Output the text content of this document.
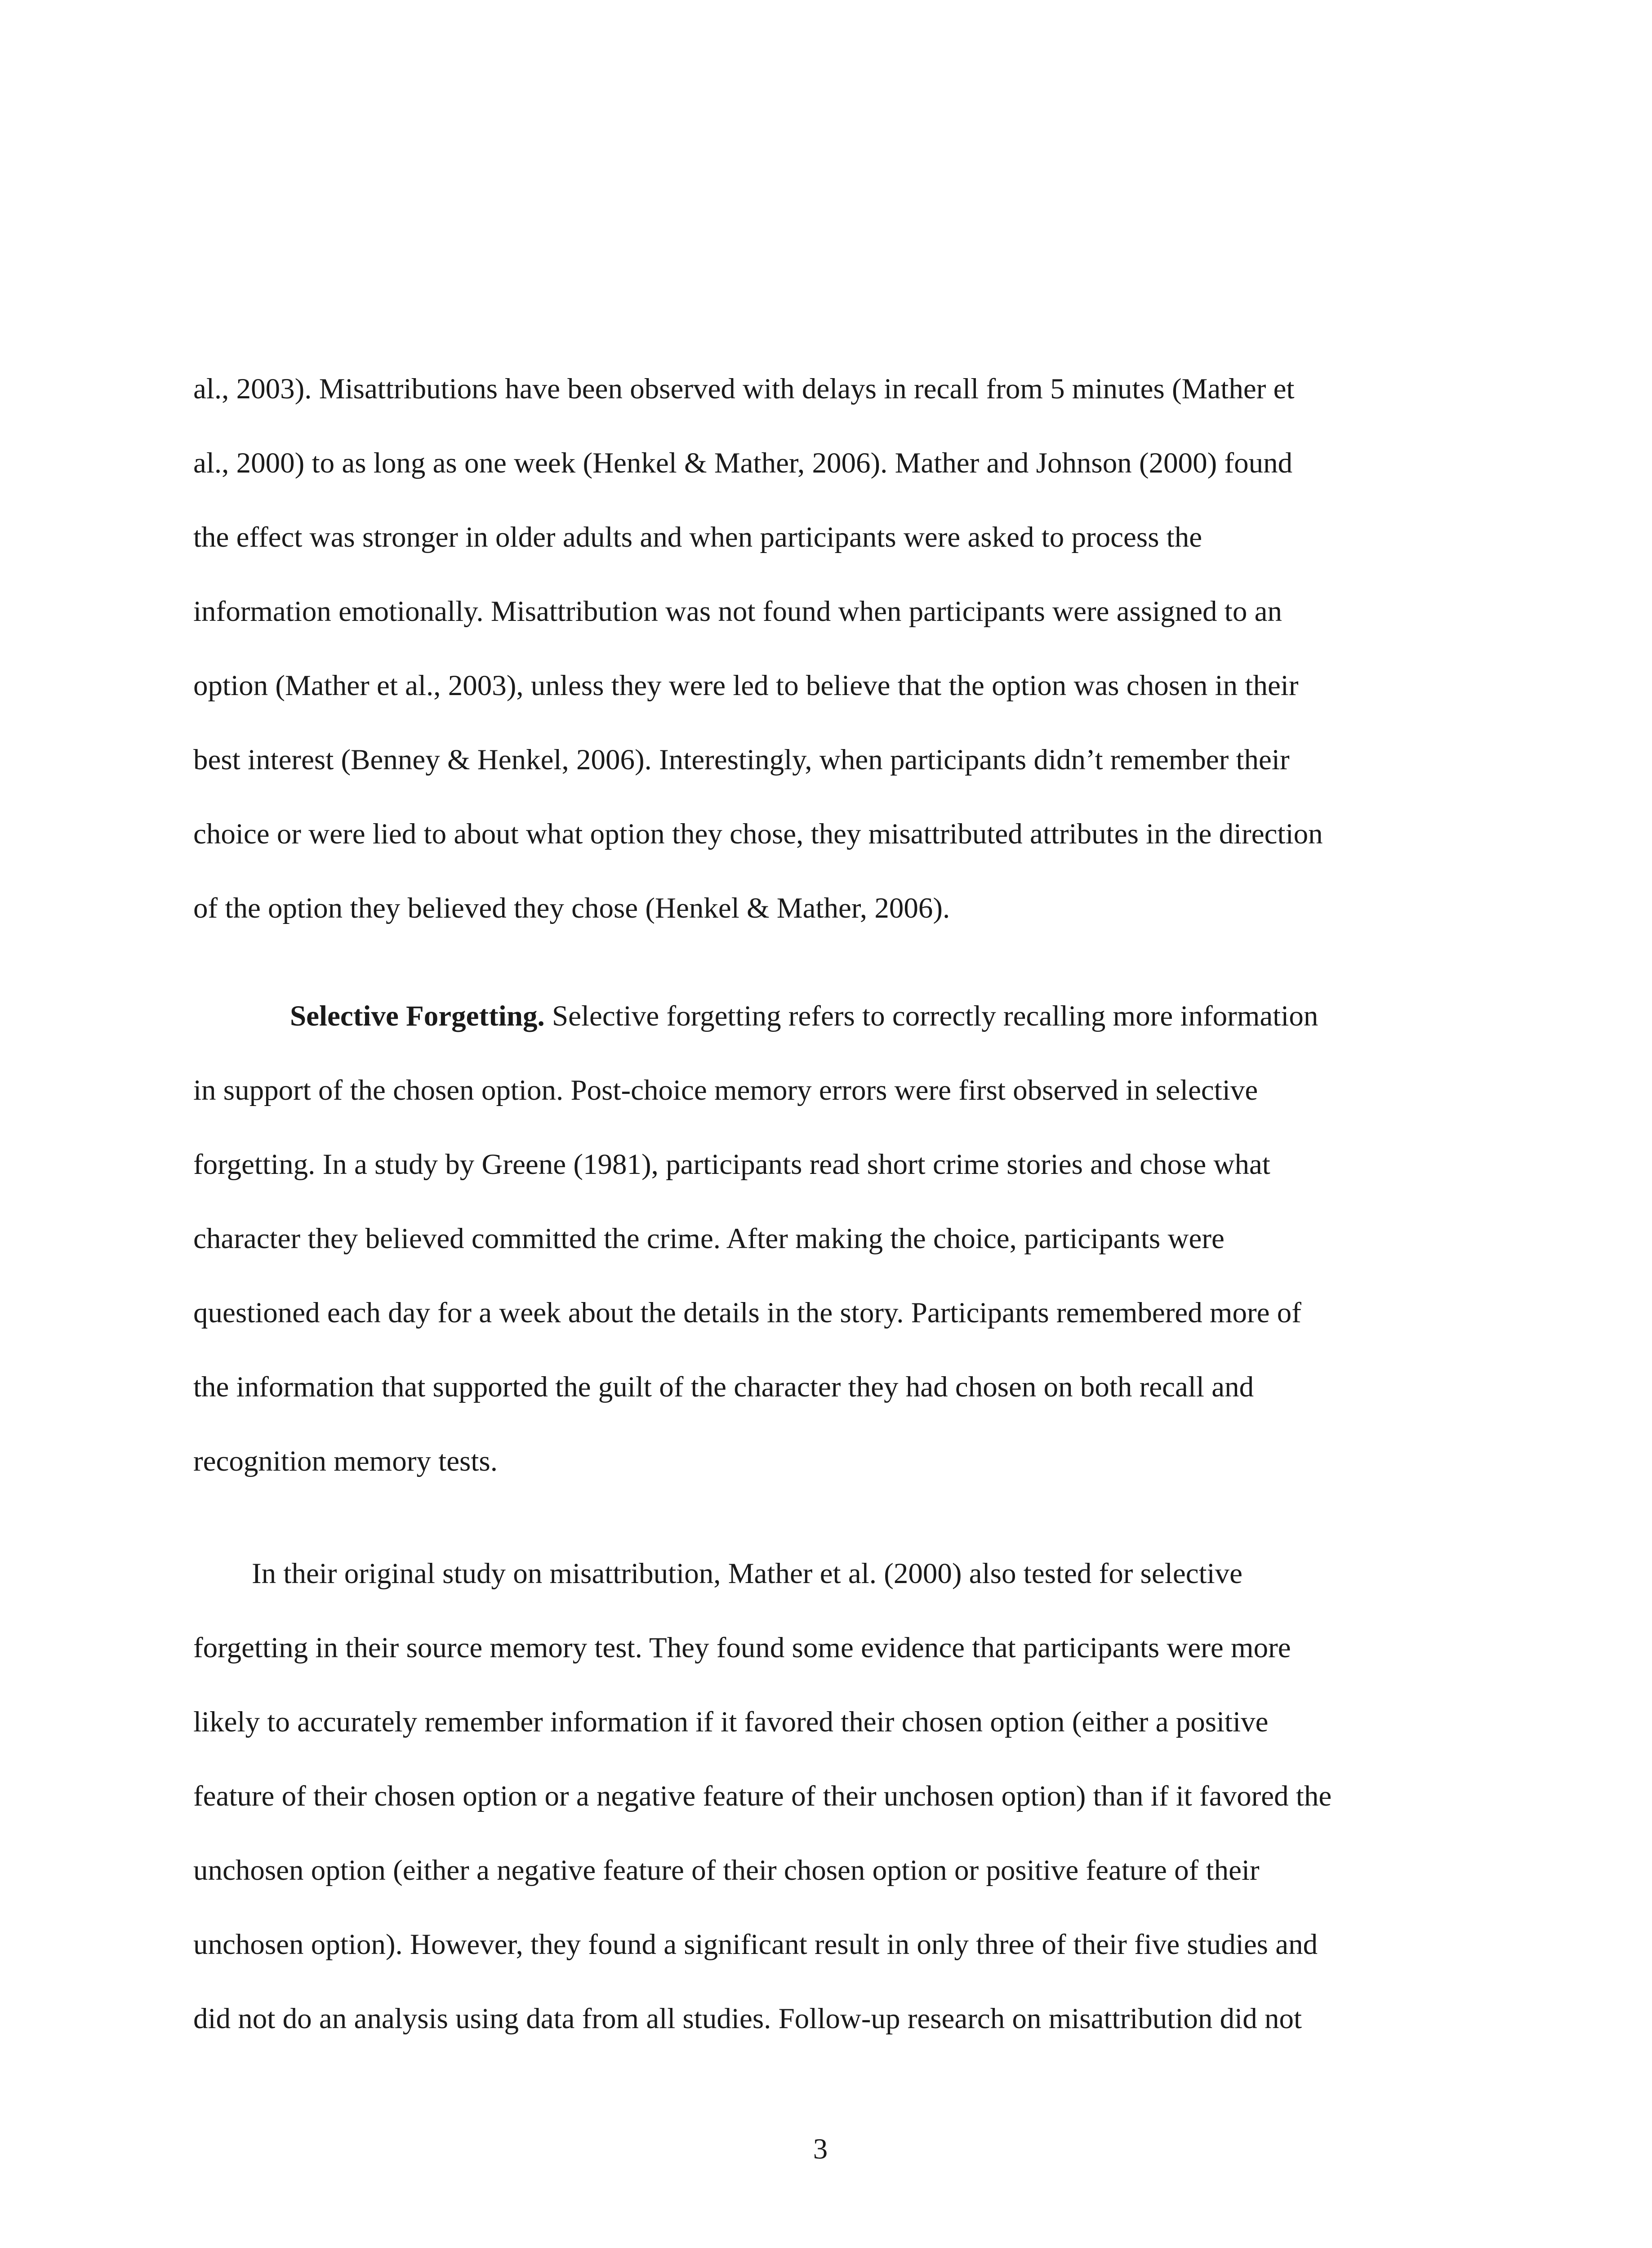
al., 2003). Misattributions have been observed with delays in recall from 5 minutes (Mather et
al., 2000) to as long as one week (Henkel & Mather, 2006). Mather and Johnson (2000) found
the effect was stronger in older adults and when participants were asked to process the
information emotionally. Misattribution was not found when participants were assigned to an
option (Mather et al., 2003), unless they were led to believe that the option was chosen in their
best interest (Benney & Henkel, 2006). Interestingly, when participants didn’t remember their
choice or were lied to about what option they chose, they misattributed attributes in the direction
of the option they believed they chose (Henkel & Mather, 2006).
Selective Forgetting. Selective forgetting refers to correctly recalling more information
in support of the chosen option. Post-choice memory errors were first observed in selective
forgetting. In a study by Greene (1981), participants read short crime stories and chose what
character they believed committed the crime. After making the choice, participants were
questioned each day for a week about the details in the story. Participants remembered more of
the information that supported the guilt of the character they had chosen on both recall and
recognition memory tests.
In their original study on misattribution, Mather et al. (2000) also tested for selective
forgetting in their source memory test. They found some evidence that participants were more
likely to accurately remember information if it favored their chosen option (either a positive
feature of their chosen option or a negative feature of their unchosen option) than if it favored the
unchosen option (either a negative feature of their chosen option or positive feature of their
unchosen option). However, they found a significant result in only three of their five studies and
did not do an analysis using data from all studies. Follow-up research on misattribution did not
3
